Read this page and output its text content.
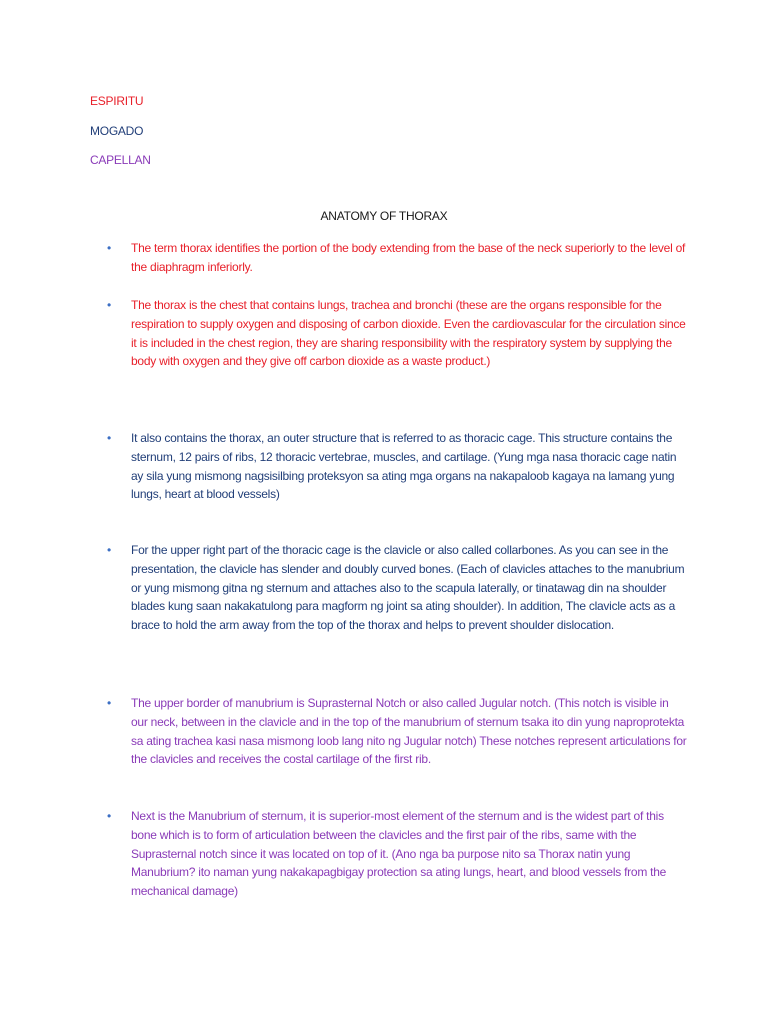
ESPIRITU

MOGADO

CAPELLAN

ANATOMY OF THORAX
•	The term thorax identifies the portion of the body extending from the base of the neck superiorly to the level of the diaphragm inferiorly.
•	The thorax is the chest that contains lungs, trachea and bronchi (these are the organs responsible for the respiration to supply oxygen and disposing of carbon dioxide. Even the cardiovascular for the circulation since it is included in the chest region, they are sharing responsibility with the respiratory system by supplying the body with oxygen and they give off carbon dioxide as a waste product.)
•	It also contains the thorax, an outer structure that is referred to as thoracic cage. This structure contains the sternum, 12 pairs of ribs, 12 thoracic vertebrae, muscles, and cartilage. (Yung mga nasa thoracic cage natin ay sila yung mismong nagsisilbing proteksyon sa ating mga organs na nakapaloob kagaya na lamang yung lungs, heart at blood vessels)
•	For the upper right part of the thoracic cage is the clavicle or also called collarbones. As you can see in the presentation, the clavicle has slender and doubly curved bones. (Each of clavicles attaches to the manubrium or yung mismong gitna ng sternum and attaches also to the scapula laterally, or tinatawag din na shoulder blades kung saan nakakatulong para magform ng joint sa ating shoulder). In addition, The clavicle acts as a brace to hold the arm away from the top of the thorax and helps to prevent shoulder dislocation.
•	The upper border of manubrium is Suprasternal Notch or also called Jugular notch. (This notch is visible in our neck, between in the clavicle and in the top of the manubrium of sternum tsaka ito din yung naproprotekta sa ating trachea kasi nasa mismong loob lang nito ng Jugular notch) These notches represent articulations for the clavicles and receives the costal cartilage of the first rib.
•	Next is the Manubrium of sternum, it is superior-most element of the sternum and is the widest part of this bone which is to form of articulation between the clavicles and the first pair of the ribs, same with the Suprasternal notch since it was located on top of it. (Ano nga ba purpose nito sa Thorax natin yung Manubrium? ito naman yung nakakapagbigay protection sa ating lungs, heart, and blood vessels from the mechanical damage)
